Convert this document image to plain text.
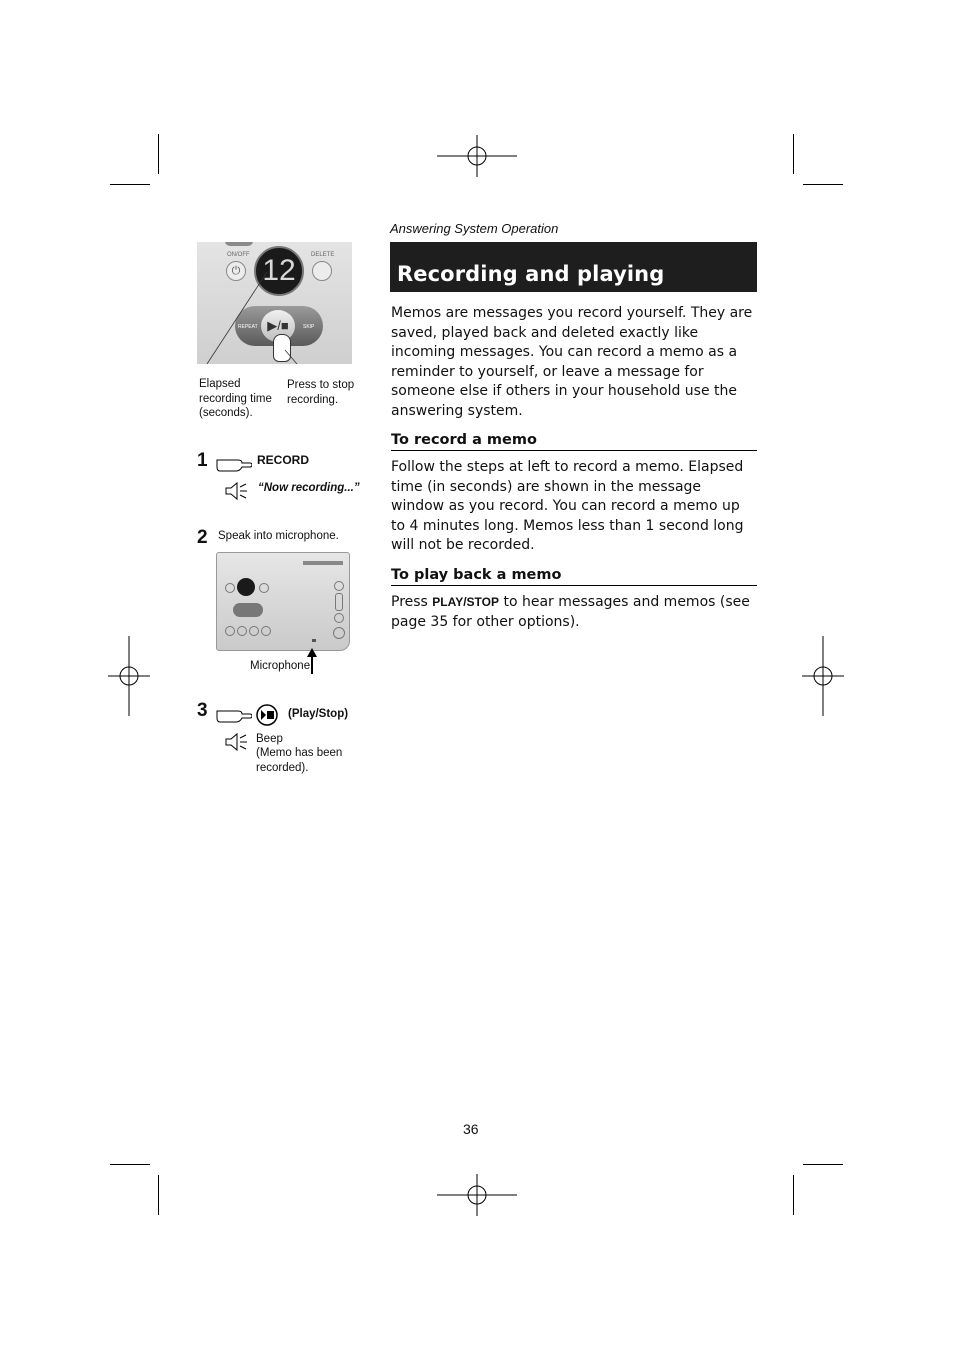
Answering System Operation
Recording and playing memos
Memos are messages you record yourself. They are saved, played back and deleted exactly like incoming messages. You can record a memo as a reminder to yourself, or leave a message for someone else if others in your household use the answering system.
To record a memo
Follow the steps at left to record a memo. Elapsed time (in seconds) are shown in the message window as you record. You can record a memo up to 4 minutes long. Memos less than 1 second long will not be recorded.
To play back a memo
Press PLAY/STOP to hear messages and memos (see page 35 for other options).
ON/OFF	DELETE
⏻ 12
REPEAT	SKIP
▶/■
Elapsed recording time (seconds).
Press to stop recording.
1	RECORD
“Now recording...”
2 Speak into microphone.
Microphone
3	(Play/Stop)
Beep
(Memo has been recorded).
36
